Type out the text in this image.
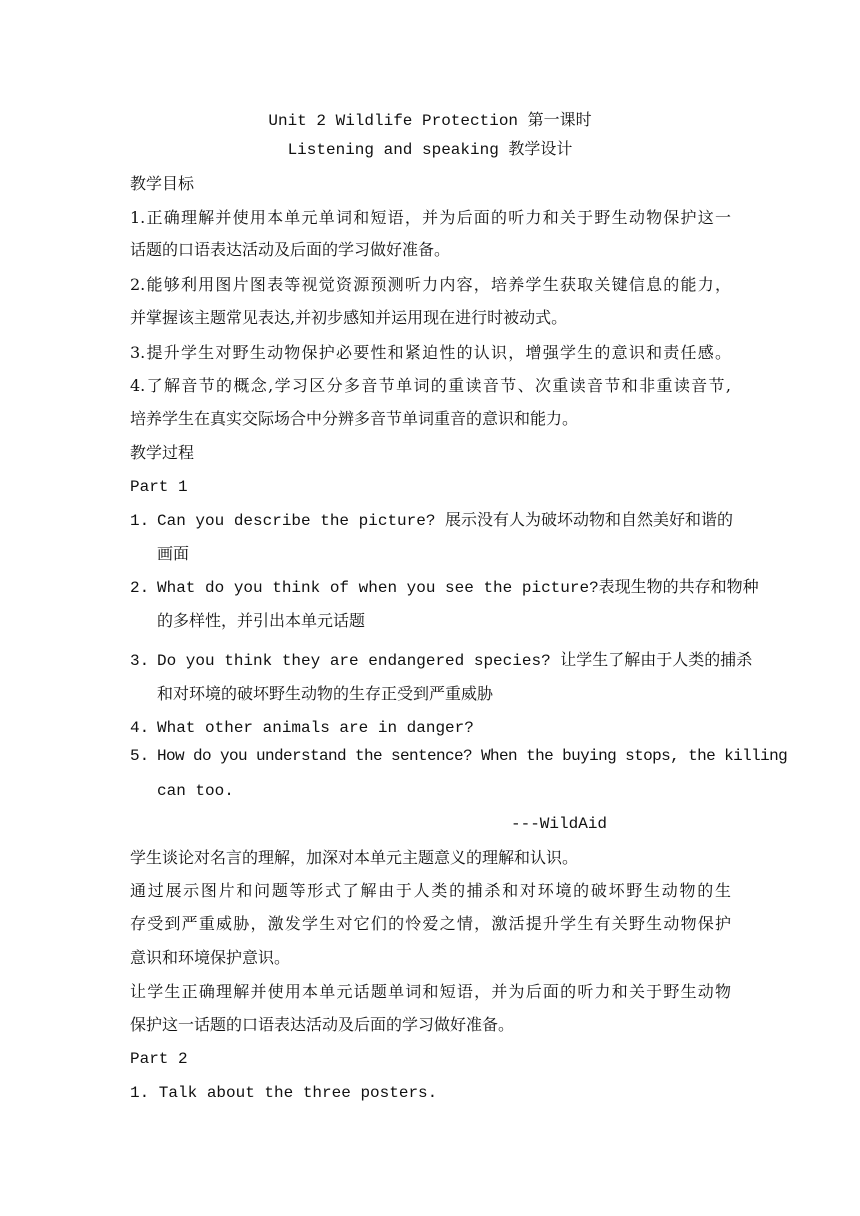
Unit 2 Wildlife Protection 第一课时
Listening and speaking 教学设计
教学目标
1.正确理解并使用本单元单词和短语，并为后面的听力和关于野生动物保护这一
话题的口语表达活动及后面的学习做好准备。
2.能够利用图片图表等视觉资源预测听力内容，培养学生获取关键信息的能力，
并掌握该主题常见表达,并初步感知并运用现在进行时被动式。
3.提升学生对野生动物保护必要性和紧迫性的认识，增强学生的意识和责任感。
4.了解音节的概念,学习区分多音节单词的重读音节、次重读音节和非重读音节,
培养学生在真实交际场合中分辨多音节单词重音的意识和能力。
教学过程
Part 1
1. Can you describe the picture? 展示没有人为破坏动物和自然美好和谐的
画面
2. What do you think of when you see the picture?表现生物的共存和物种
的多样性，并引出本单元话题
3. Do you think they are endangered species? 让学生了解由于人类的捕杀
和对环境的破坏野生动物的生存正受到严重威胁
4. What other animals are in danger?
5. How do you understand the sentence? When the buying stops, the killing
can too.
---WildAid
学生谈论对名言的理解，加深对本单元主题意义的理解和认识。
通过展示图片和问题等形式了解由于人类的捕杀和对环境的破坏野生动物的生
存受到严重威胁，激发学生对它们的怜爱之情，激活提升学生有关野生动物保护
意识和环境保护意识。
让学生正确理解并使用本单元话题单词和短语，并为后面的听力和关于野生动物
保护这一话题的口语表达活动及后面的学习做好准备。
Part 2
1. Talk about the three posters.
